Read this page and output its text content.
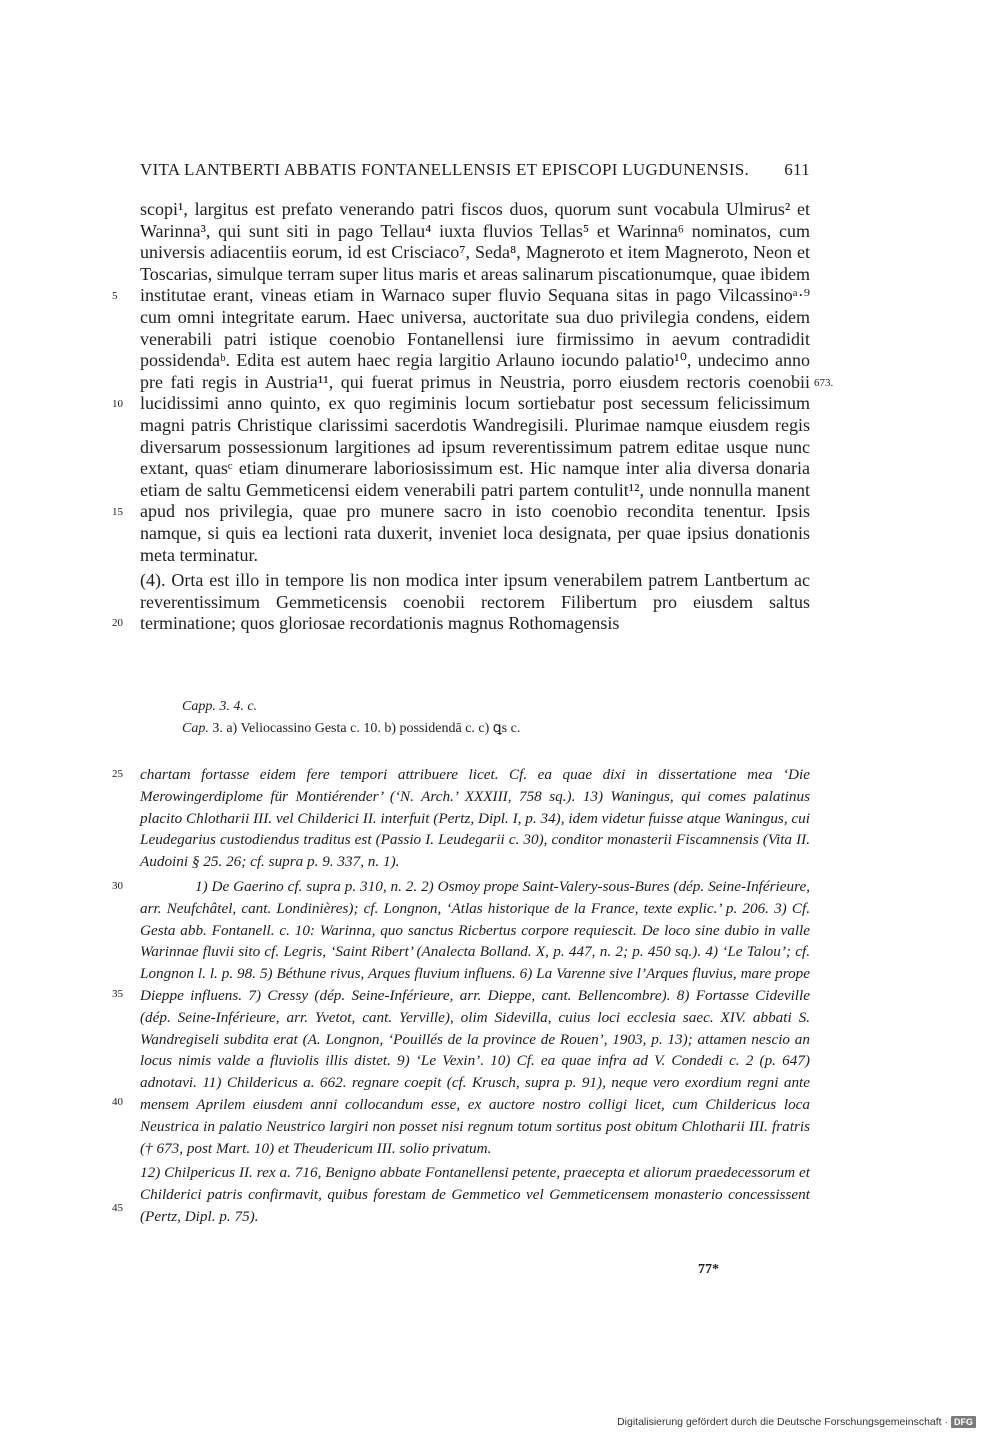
VITA LANTBERTI ABBATIS FONTANELLENSIS ET EPISCOPI LUGDUNENSIS. 611

scopi¹, largitus est prefato venerando patri fiscos duos, quorum sunt vocabula Ulmirus² et Warinna³, qui sunt siti in pago Tellau⁴ iuxta fluvios Tellas⁵ et Warinna⁶ nominatos, cum universis adiacentiis eorum, id est Crisciaco⁷, Seda⁸, Magneroto et item Magneroto, Neon et Toscarias, simulque terram super litus maris et areas salinarum piscationumque, quae ibidem institutae erant, vineas etiam in Warnaco super fluvio Sequana sitas in pago Vilcassinoᵃ·⁹ cum omni integritate earum. Haec universa, auctoritate sua duo privilegia condens, eidem venerabili patri istique coenobio Fontanellensi iure firmissimo in aevum contradidit possidendaᵇ. Edita est autem haec regia largitio Arlauno iocundo palatio¹⁰, undecimo anno pre fati regis in Austria¹¹, qui fuerat primus in Neustria, porro eiusdem rectoris coenobii lucidissimi anno quinto, ex quo regiminis locum sortiebatur post secessum felicissimum magni patris Christique clarissimi sacerdotis Wandregisili. Plurimae namque eiusdem regis diversarum possessionum largitiones ad ipsum reverentissimum patrem editae usque nunc extant, quasᶜ etiam dinumerare laboriosissimum est. Hic namque inter alia diversa donaria etiam de saltu Gemmeticensi eidem venerabili patri partem contulit¹², unde nonnulla manent apud nos privilegia, quae pro munere sacro in isto coenobio recondita tenentur. Ipsis namque, si quis ea lectioni rata duxerit, inveniet loca designata, per quae ipsius donationis meta terminatur.

(4). Orta est illo in tempore lis non modica inter ipsum venerabilem patrem Lantbertum ac reverentissimum Gemmeticensis coenobii rectorem Filibertum pro eiusdem saltus terminatione; quos gloriosae recordationis magnus Rothomagensis

5
10
15
20
673.
Capp. 3. 4. c.
Cap. 3. a) Veliocassino Gesta c. 10. b) possidendā c. c) ꝗs c.

chartam fortasse eidem fere tempori attribuere licet. Cf. ea quae dixi in dissertatione mea ‘Die Merowingerdiplome für Montiérender’ (‘N. Arch.’ XXXIII, 758 sq.). 13) Waningus, qui comes palatinus placito Chlotharii III. vel Childerici II. interfuit (Pertz, Dipl. I, p. 34), idem videtur fuisse atque Waningus, cui Leudegarius custodiendus traditus est (Passio I. Leudegarii c. 30), conditor monasterii Fiscamnensis (Vita II. Audoini § 25. 26; cf. supra p. 9. 337, n. 1).

1) De Gaerino cf. supra p. 310, n. 2. 2) Osmoy prope Saint-Valery-sous-Bures (dép. Seine-Inférieure, arr. Neufchâtel, cant. Londinières); cf. Longnon, ‘Atlas historique de la France, texte explic.’ p. 206. 3) Cf. Gesta abb. Fontanell. c. 10: Warinna, quo sanctus Ricbertus corpore requiescit. De loco sine dubio in valle Warinnae fluvii sito cf. Legris, ‘Saint Ribert’ (Analecta Bolland. X, p. 447, n. 2; p. 450 sq.). 4) ‘Le Talou’; cf. Longnon l. l. p. 98. 5) Béthune rivus, Arques fluvium influens. 6) La Varenne sive l’Arques fluvius, mare prope Dieppe influens. 7) Cressy (dép. Seine-Inférieure, arr. Dieppe, cant. Bellencombre). 8) Fortasse Cideville (dép. Seine-Inférieure, arr. Yvetot, cant. Yerville), olim Sidevilla, cuius loci ecclesia saec. XIV. abbati S. Wandregiseli subdita erat (A. Longnon, ‘Pouillés de la province de Rouen’, 1903, p. 13); attamen nescio an locus nimis valde a fluviolis illis distet. 9) ‘Le Vexin’. 10) Cf. ea quae infra ad V. Condedi c. 2 (p. 647) adnotavi. 11) Childericus a. 662. regnare coepit (cf. Krusch, supra p. 91), neque vero exordium regni ante mensem Aprilem eiusdem anni collocandum esse, ex auctore nostro colligi licet, cum Childericus loca Neustrica in palatio Neustrico largiri non posset nisi regnum totum sortitus post obitum Chlotharii III. fratris († 673, post Mart. 10) et Theudericum III. solio privatum.

12) Chilpericus II. rex a. 716, Benigno abbate Fontanellensi petente, praecepta et aliorum praedecessorum et Childerici patris confirmavit, quibus forestam de Gemmetico vel Gemmeticensem monasterio concessissent (Pertz, Dipl. p. 75).

25
30
35
40
45
77*
Digitalisierung gefördert durch die Deutsche Forschungsgemeinschaft · DFG
